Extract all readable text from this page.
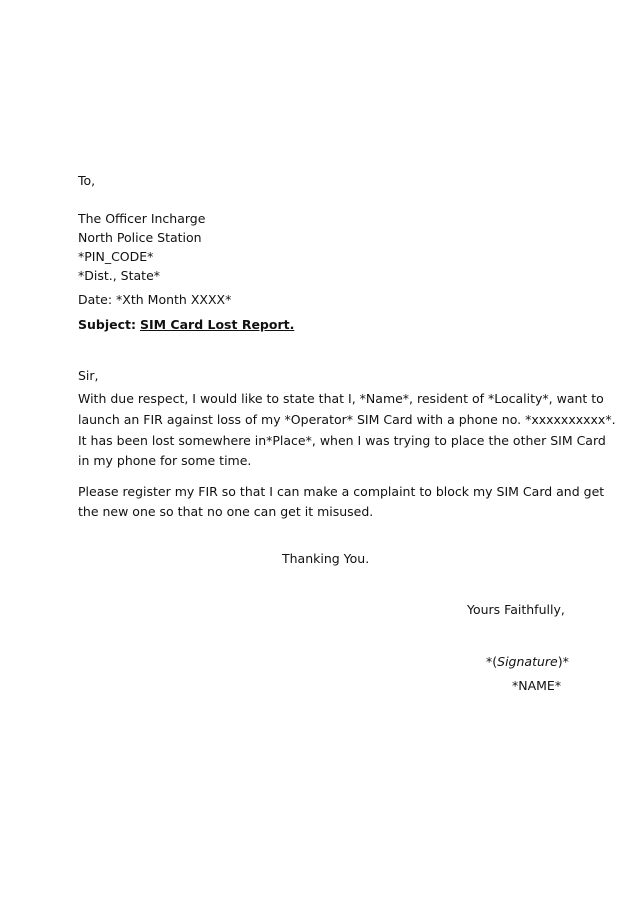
To,
The Officer Incharge
North Police Station
*PIN_CODE*
*Dist., State*
Date: *Xth Month XXXX*
Subject: SIM Card Lost Report.
Sir,
With due respect, I would like to state that I, *Name*, resident of *Locality*, want to
launch an FIR against loss of my *Operator* SIM Card with a phone no. *xxxxxxxxxx*.
It has been lost somewhere in*Place*, when I was trying to place the other SIM Card
in my phone for some time.
Please register my FIR so that I can make a complaint to block my SIM Card and get
the new one so that no one can get it misused.
Thanking You.
Yours Faithfully,
*(Signature)*
*NAME*
